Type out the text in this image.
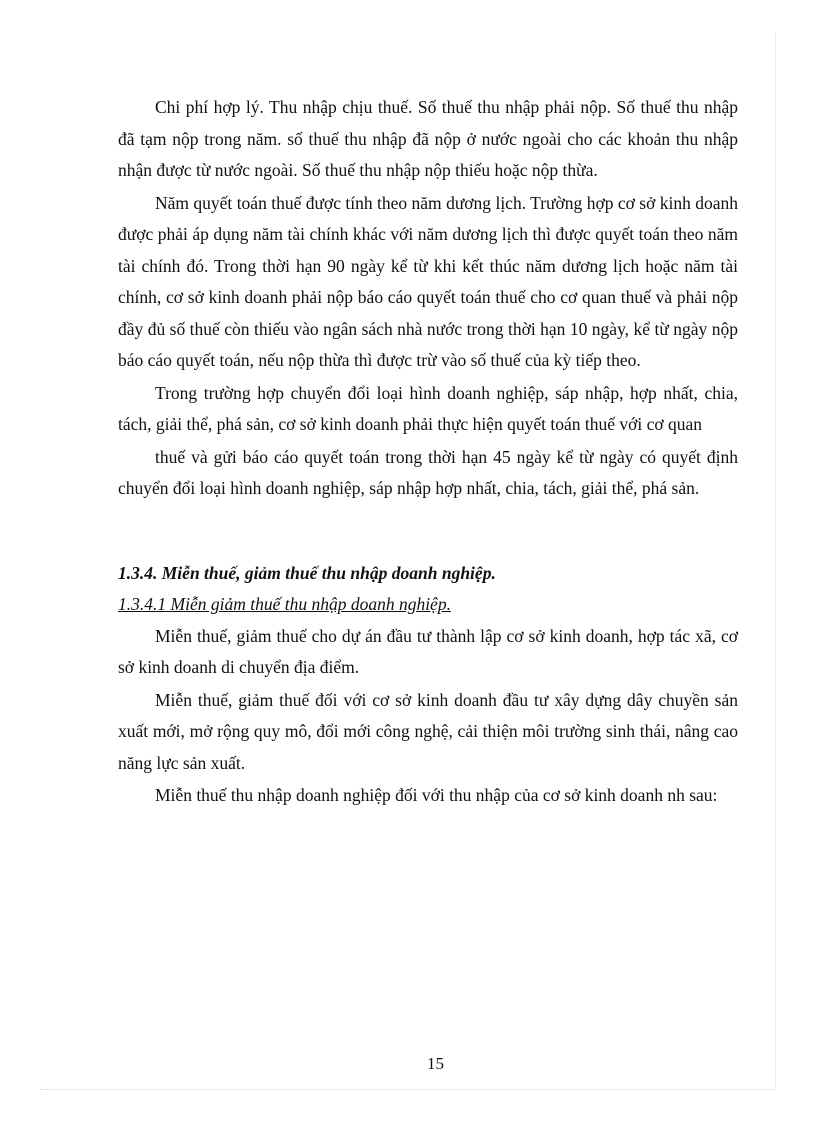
Chi phí hợp lý. Thu nhập chịu thuế. Số thuế thu nhập phải nộp. Số thuế thu nhập đã tạm nộp trong năm. số thuế thu nhập đã nộp ở nước ngoài cho các khoản thu nhập nhận được từ nước ngoài. Số thuế thu nhập nộp thiếu hoặc nộp thừa.

Năm quyết toán thuế được tính theo năm dương lịch. Trường hợp cơ sở kinh doanh được phải áp dụng năm tài chính khác với năm dương lịch thì được quyết toán theo năm tài chính đó. Trong thời hạn 90 ngày kể từ khi kết thúc năm dương lịch hoặc năm tài chính, cơ sở kinh doanh phải nộp báo cáo quyết toán thuế cho cơ quan thuế và phải nộp đầy đủ số thuế còn thiếu vào ngân sách nhà nước trong thời hạn 10 ngày, kể từ ngày nộp báo cáo quyết toán, nếu nộp thừa thì được trừ vào số thuế của kỳ tiếp theo.

Trong trường hợp chuyển đổi loại hình doanh nghiệp, sáp nhập, hợp nhất, chia, tách, giải thể, phá sản, cơ sở kinh doanh phải thực hiện quyết toán thuế với cơ quan

thuế và gửi báo cáo quyết toán trong thời hạn 45 ngày kể từ ngày có quyết định chuyển đổi loại hình doanh nghiệp, sáp nhập hợp nhất, chia, tách, giải thể, phá sản.

1.3.4. Miễn thuế, giảm thuế thu nhập doanh nghiệp.
1.3.4.1 Miễn giảm thuế thu nhập doanh nghiệp.

Miễn thuế, giảm thuế cho dự án đầu tư thành lập cơ sở kinh doanh, hợp tác xã, cơ sở kinh doanh di chuyển địa điểm.

Miễn thuế, giảm thuế đối với cơ sở kinh doanh đầu tư xây dựng dây chuyền sản xuất mới, mở rộng quy mô, đổi mới công nghệ, cải thiện môi trường sinh thái, nâng cao năng lực sản xuất.

Miễn thuế thu nhập doanh nghiệp đối với thu nhập của cơ sở kinh doanh nh sau:

15
